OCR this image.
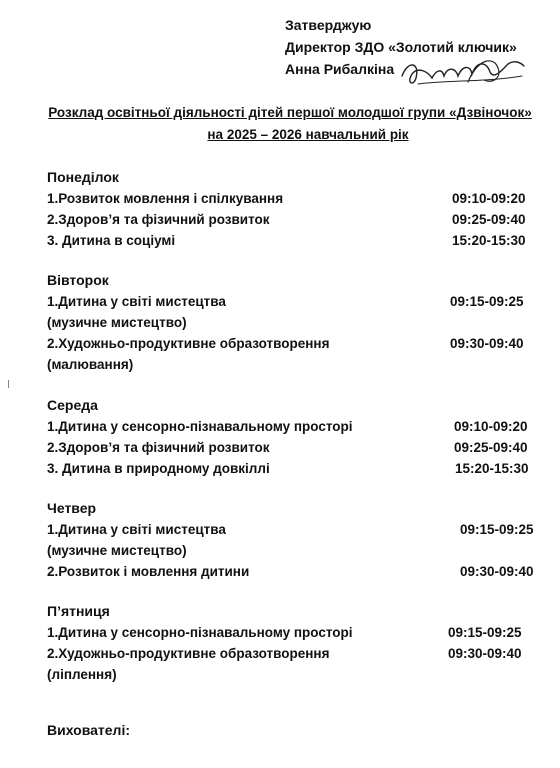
Затверджую
Директор ЗДО «Золотий ключик»
Анна Рибалкіна
Розклад освітньої діяльності дітей першої молодшої групи «Дзвіночок»
на 2025 – 2026 навчальний рік
Понеділок
1.Розвиток мовлення і спілкування	09:10-09:20
2.Здоров’я та фізичний розвиток	09:25-09:40
3. Дитина в соціумі	15:20-15:30
Вівторок
1.Дитина у світі мистецтва	09:15-09:25
(музичне мистецтво)
2.Художньо-продуктивне образотворення	09:30-09:40
(малювання)
Середа
1.Дитина у сенсорно-пізнавальному просторі	09:10-09:20
2.Здоров’я та фізичний розвиток	09:25-09:40
3. Дитина в природному довкіллі	15:20-15:30
Четвер
1.Дитина у світі мистецтва	09:15-09:25
(музичне мистецтво)
2.Розвиток і мовлення дитини	09:30-09:40
П’ятниця
1.Дитина у сенсорно-пізнавальному просторі	09:15-09:25
2.Художньо-продуктивне образотворення	09:30-09:40
(ліплення)
Вихователі:
